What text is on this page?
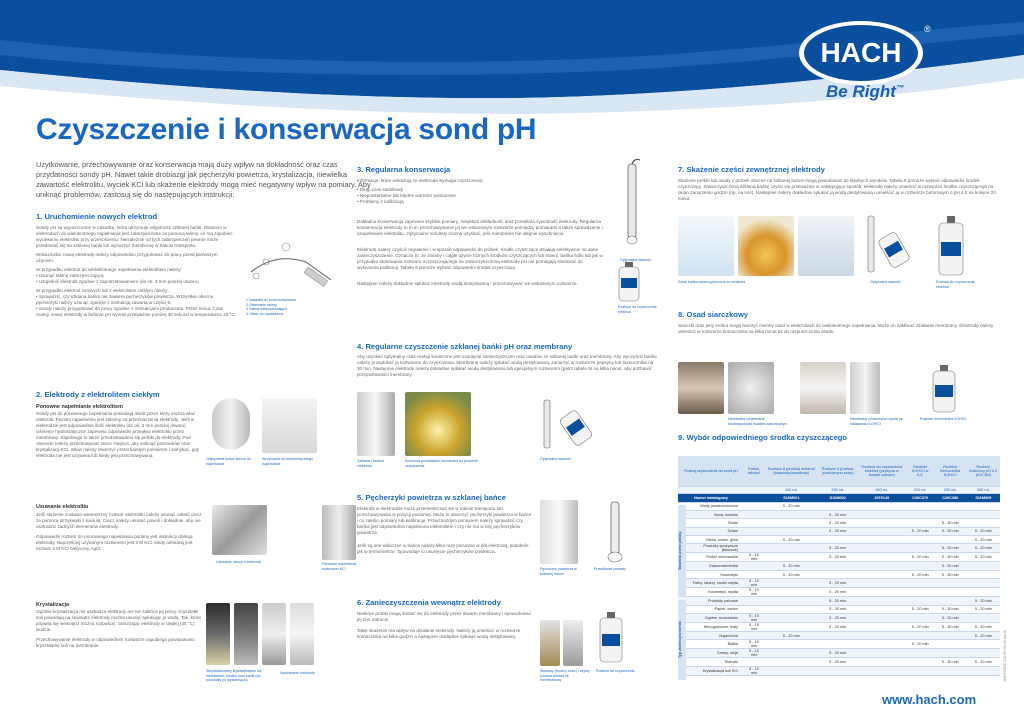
HACH
®
Be Right™
Czyszczenie i konserwacja sond pH
Użytkowanie, przechowywanie oraz konserwacja mają duży wpływ na dokładność oraz czas przydatności sondy pH. Nawet takie drobiazgi jak pęcherzyki powietrza, krystalizacja, niewielka zawartość elektrolitu, wyciek KCl lub skażenie elektrody mogą mieć negatywny wpływ na pomiary. Aby uniknąć problemów, zastosuj się do następujących instrukcji:
1. Uruchomienie nowych elektrod

Sondy pH są wypuszczone w nasadkę, która utrzymuje wilgotność szklanej bańki. Otwarcie w elektrodach do wielokrotnego napełniania jest zabezpieczane za pomocą taśmy, co ma zapobiec wyciekaniu elektrolitu przy przenoszeniu. Niezależnie od tych zabezpieczeń pewnie może przedostać się do szklanej bańki lub wysuszyć membranę w trakcie transportu.

Wskazówka: nową elektrodę należy odpowiednio przygotować do pracy przed pierwszym użyciem.

W przypadku elektrod do wielokrotnego napełniania elektrolitem należy:

• Usunąć taśmę zabezpieczającą
• Uzupełnić elektrolit zgodnie z zapotrzebowaniem (do ok. 3 mm poniżej otworu)

W przypadku elektrod żelowych lub z elektrolitem ciekłym należy:

• Sprawdzić, czy szklana bańka nie zawiera pęcherzyków powietrza. Wszystkie obecne pęcherzyki należy usunąć zgodnie z instrukcją zawartą w części 5.
• Sondy należy przygotować do pracy zgodnie z instrukcjami producenta. Przez minut. Czas reakcji nowej elektrody w buforze pH wynosi przeważnie poniżej 30 sekund w temperaturze 25 °C.
1 Nasadka do przechowywania
2 Otwieranie taśmy
3 Taśma zabezpieczająca
4 Otwór do napełniania
2. Elektrody z elektrolitem ciekłym
Ponowne napełnianie elektrolitem
Sondy pH do ponownego napełniania posiadają otwór przez który można wlać elektrolit. Poziom napełnienia jest zależny od przeznaczenia elektrody. Jeśli w elektrodzie jest odpowiednia ilość elektrolitu (do ok. 3 mm poniżej otworu) ciśnienie hydrostatyczne zapewnia odpowiedni przepływ elektrolitu przez membranę. Zapobiega to także przedostawaniu się próbki do elektrody. Pod otworem należy przechowywać nieco miejsca, aby uniknąć przecieków oraz krystalizacji KCl. Wlew należy otworzyć przed każdym pomiarem i zamykać, gdy elektroda nie jest używana lub kiedy jest przechowywana.
Odkręcanie korka otworu do napełniania
Strzykawka do elektrolitycznego napełniania
Usuwanie elektrolitu

Jeśli stężenie zostanie wewnętrzny roztwór elektrolitu należy usunąć całość ciecz za pomocą strzykawki z kaniulą. Ciecz należy usuwać powoli i dokładnie, aby nie uszkodzić żadnych elementów elektrody.

Odpowiedni roztwór do ponownego napełniania podany jest instrukcji obsługi elektrody. Najczęściej używanym roztworem jest 3 M KCl, kiedy odmianą jest roztwór 3 M KCl nasycony AgCl.

Usuwanie cieczy z elektrody	Ponowne napełnienie roztworem KCl
Krystalizacja

Ogólnie krystalizacja nie uszkadza elektrody ani nie zakłóca jej pracy. Kryształki soli powodują na zewnątrz elektrody można usunąć spłukując je wodą. Tak, które pojawią się wewnątrz można rozpuścić, zanurzając elektrody w ciepłej (45 °C) wodzie.

Przechowywanie elektrody w odpowiednim roztworze zapobiega powstawaniu kryształków soli na membranie.

Skrystalizowany kryształ/ksylen na membranie, środku oraz bańki (np. pozostały po wyschnięciu)
Spłukiwanie elektrody
3. Regularna konserwacja

Informacje, które wskazują że elektroda wymaga czyszczenia:

• Długi czas stabilizacji
• Niepowtarzalne lub błędne wartości pomiarowe
• Problemy z kalibracją

Dokładna konserwacja zapewnia szybkie pomiary, zwiększa dokładność oraz przedłuża żywotność elektrody. Regularna konserwacja elektrody to m.in. przechowywanie jej we wskazanym roztworze pomiędzy pomiarami a także sprawdzanie i uzupełnianie elektrolitu. Optymalne rezultaty można uzyskać, jeśli membrana nie ulegnie wyschnięciu.

Elektrodę należy czyścić regularnie i w sposób odpowiedni do próbek. Środki czyszczące działają selektywnie na dane zanieczyszczenie. Oznacza to, że zmiany i ciągłe użycie różnych środków czyszczących lub etanol, bańka fiolki lub jak w przypadku stosowania roztworu oczyszczającego na zanieczyszczoną elektrodę pH nie pomagają stosować do wykonania kalibracji. Tabela 9 pomoże wybrać odpowiedni środek czyszczący.

Następnie należy dokładnie spłukać elektrodę wodą destylowaną i przechowywać we wskazanym roztworze.

Optymalne warunki
Roztwór do czyszczenia elektrod
4. Regularne czyszczenie szklanej bańki pH oraz membrany
Aby uzyskać optymalny czas reakcji konieczne jest usunięcie zanieczyszczeń oraz osadów ze szklanej bańki oraz membrany. Aby wyczyścić bańkę należy przepłukać ją roztworem do czyszczenia. Membranę należy spłukać wodą destylowaną, zanurzyć w roztworze pepsyny lub tiomocznika na 30 min. Następnie elektrodę należy dokładnie spłukać wodą destylowaną lub specjalnym roztworem (patrz tabela 9) na kilka minut, aby pozbawić przepustowości membrany.
Zatkana i brudna elektroda
Kolorowa pozostałość membrana po procesie czyszczenia
Optymalne warunki
5. Pęcherzyki powietrza w szklanej bańce

Elektrolit w elektrodzie może przemieszczać się w trakcie transportu lub przechowywania w pozycji poziomej. Może to utworzyć pęcherzyki powietrza w bańce i co zakłóci pomiary lub kalibrację. Przed każdym pomiarem należy sprawdzić czy bańka jest odpowiednio napełniona elektrolitem i czy nie ma w niej pęcherzyków powietrza.

Jeśli są one widoczne w bańce należy kilka razy poruszać w dół elektrodą, podobnie jak w termometrze. Spowoduje to usunięcie pęcherzyków powietrza.

Pęcherzyk powietrza w szklanej bańce
Prawidłowe pomiary
6. Zanieczyszczenia wewnątrz elektrody

Niektóre próbki mogą dostać się do elektrody przez otwarte membrany i spowodować jej tzw. zatrucie.

Takie skażenie ma wpływ na działanie elektrody. Należy ją umieścić w roztworze tiomocznika na kilka godzin a następnie dokładnie spłukać wodą destylowaną.

Skażony (brudny kolor) i czysty (czarna plama) kit membranowy
Roztwór do czyszczenia
7. Skażenie części zewnętrznej elektrody
Skażone próbki lub osady z próbek obecne na szklanej bańce mogą powodować do błędnych wyników. Tabela 9 pomoże wybrać odpowiedni środek czyszczący. Zanieczyszczoną szklaną bańkę czyści się przeważnie w następujący sposób: elektrodę należy umieścić w roztworze środka czyszczącego na około zanurzeniu godzin (np. na noc). Następnie należy dokładnie spłukać ją wodą destylowaną i umieścić ją w roztworze buforowym o pH 4.0 na kolejne 20 minut.
Szkła bańka zanieczyszczona ze smarami	Optymalne warunki	Roztwór do czyszczenia elektrod
8. Osad siarczkowy
Siarczki oraz jony srebra mogą tworzyć ciemny osad w elektrodach do wielokrotnego napełniania. Może on zakłócać działanie membrany. Elektrodę należy umieścić w roztworze tiomocznika na kilka minut aż do rozpuszczenia osadu.
Membrana ceramiczna brudna/pokryta osadem siarczkowym
Membrana ceramiczna czysta po nakładaniu KOH/Cl
Roztwór tiomocznika KOH/Cl
9. Wybór odpowiedniego środka czyszczącego
Rodzaj czyszczenia do sond pH		Etanol, alkohol	Roztwór 8 (próbka) elektrod (kwasowy/zasadowy)	Roztwór 4 (roztwór podchlorynu sodu)	Roztwór do czyszczenia elektrod (pepsyna w kwasie solnym)	Roztwór KOH/Cl w KCl	Roztwór tiomocznika KOH/Cl	Roztwór buforowy pH 4.0 (KCl 3M)
			100 mL	250 mL	250 mL	250 mL	250 mL	250 mL
Numer katalogowy			S16M001	S16M002	2975149	C20C370	C20C380	S11M009
	Wody powierzchniowe		5 - 20 min					
	Wody morskie			5 - 20 min				
	Ścieki			5 - 20 min			5 - 30 min	
	Szlam			5 - 20 min		5 - 20 min	5 - 30 min	5 - 20 min
	Gleba, szlam, glina		5 - 20 min					5 - 20 min
	Produkty spożywcze (tłuszcze)			5 - 20 min			5 - 30 min	5 - 20 min
	Próbki mleczarskie	5 - 10 min		5 - 20 min		5 - 20 min	5 - 30 min	5 - 20 min
	Galwanotechnika		5 - 20 min				5 - 30 min	
	Kosmetyki		5 - 20 min			5 - 20 min	5 - 30 min	
	Farby, lakiery, środki ciepła	5 - 10 min		5 - 20 min				
	Kosmetyki, mydła	5 - 10 min		5 - 20 min				
	Produkty palcowe			5 - 20 min				5 - 20 min
	Papier, karton			5 - 20 min		5 - 20 min	5 - 30 min	5 - 20 min
	Ogólne, środowisko	5 - 10 min		5 - 20 min			5 - 30 min	
	Nieorganiczne, biały	5 - 10 min		5 - 20 min		5 - 20 min	5 - 30 min	5 - 20 min
	Organiczne		5 - 20 min					5 - 20 min
	Białka	5 - 10 min				5 - 20 min		
	Smary, oleje	5 - 10 min		5 - 20 min				
	Siarczki			5 - 20 min			5 - 30 min	5 - 20 min
	Krystalizacja soli KCl	5 - 10 min						
Skażenia przez próbkę
Typ zanieczyszczenia	HACH DOC 042.98.00148.Apr15
www.hach.com
